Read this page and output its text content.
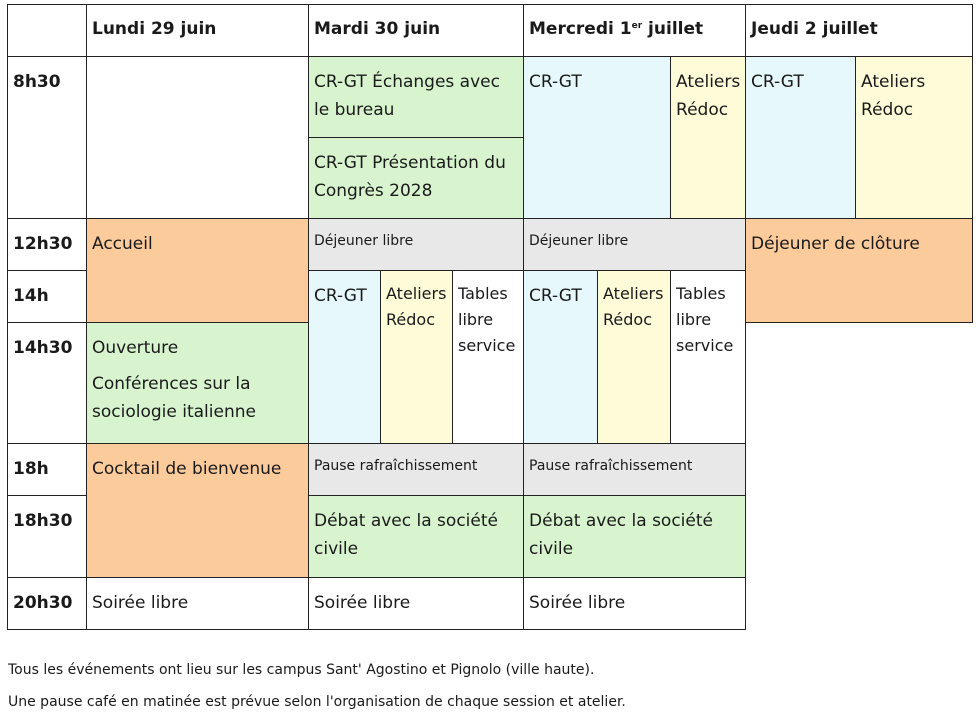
	Lundi 29 juin	Mardi 30 juin			Mercredi 1er juillet			Jeudi 2 juillet	
8h30		CR-GT Échanges avec le bureau			CR-GT		Ateliers Rédoc	CR-GT	Ateliers Rédoc
		CR-GT Présentation du Congrès 2028							
12h30	Accueil	Déjeuner libre			Déjeuner libre			Déjeuner de clôture	
14h		CR-GT	Ateliers Rédoc	Tables libre service	CR-GT	Ateliers Rédoc	Tables libre service		
14h30	Ouverture
Conférences sur la sociologie italienne								
18h	Cocktail de bienvenue	Pause rafraîchissement			Pause rafraîchissement				
18h30		Débat avec la société civile			Débat avec la société civile				
20h30	Soirée libre	Soirée libre			Soirée libre				
Tous les événements ont lieu sur les campus Sant' Agostino et Pignolo (ville haute).
Une pause café en matinée est prévue selon l'organisation de chaque session et atelier.
